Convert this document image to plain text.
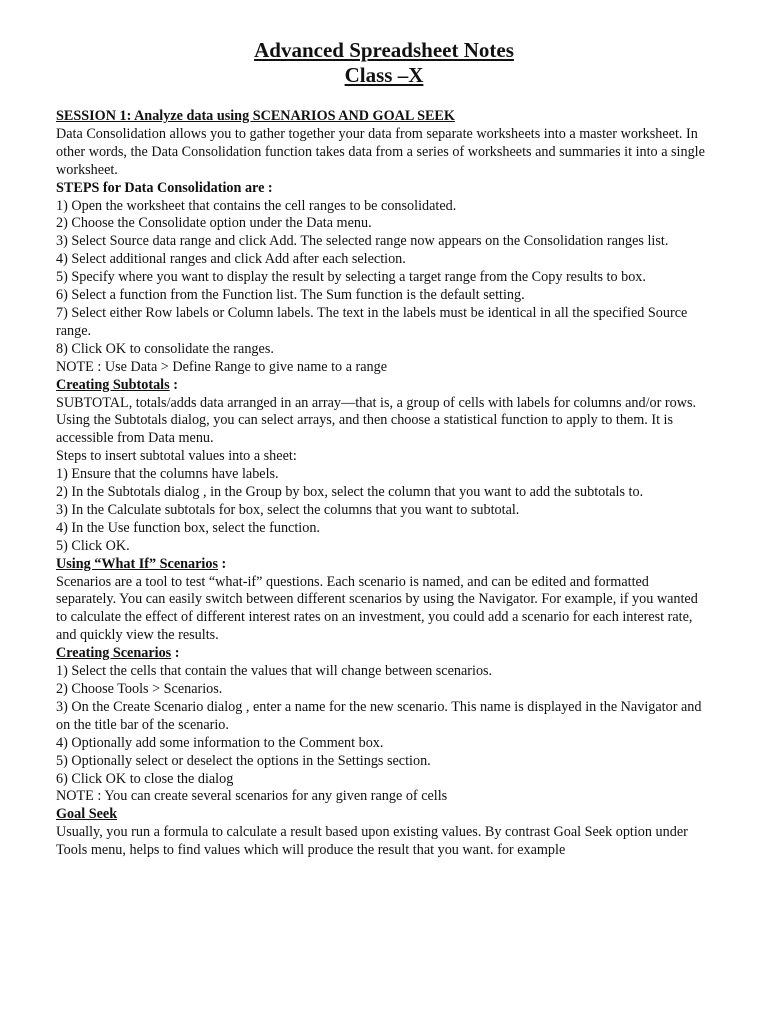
Advanced Spreadsheet Notes
Class –X

SESSION 1: Analyze data using SCENARIOS AND GOAL SEEK

Data Consolidation allows you to gather together your data from separate worksheets into a master worksheet. In other words, the Data Consolidation function takes data from a series of worksheets and summaries it into a single worksheet.

STEPS for Data Consolidation are :

1) Open the worksheet that contains the cell ranges to be consolidated.

2) Choose the Consolidate option under the Data menu.

3) Select Source data range and click Add. The selected range now appears on the Consolidation ranges list.

4) Select additional ranges and click Add after each selection.

5) Specify where you want to display the result by selecting a target range from the Copy results to box.

6) Select a function from the Function list. The Sum function is the default setting.

7) Select either Row labels or Column labels. The text in the labels must be identical in all the specified Source range.

8) Click OK to consolidate the ranges.

NOTE : Use Data > Define Range to give name to a range

Creating Subtotals :

SUBTOTAL, totals/adds data arranged in an array—that is, a group of cells with labels for columns and/or rows. Using the Subtotals dialog, you can select arrays, and then choose a statistical function to apply to them. It is accessible from Data menu.

Steps to insert subtotal values into a sheet:

1) Ensure that the columns have labels.

2) In the Subtotals dialog , in the Group by box, select the column that you want to add the subtotals to.

3) In the Calculate subtotals for box, select the columns that you want to subtotal.

4) In the Use function box, select the function.

5) Click OK.

Using “What If” Scenarios :

Scenarios are a tool to test “what-if” questions. Each scenario is named, and can be edited and formatted separately. You can easily switch between different scenarios by using the Navigator. For example, if you wanted to calculate the effect of different interest rates on an investment, you could add a scenario for each interest rate, and quickly view the results.

Creating Scenarios :

1) Select the cells that contain the values that will change between scenarios.

2) Choose Tools > Scenarios.

3) On the Create Scenario dialog , enter a name for the new scenario. This name is displayed in the Navigator and on the title bar of the scenario.

4) Optionally add some information to the Comment box.

5) Optionally select or deselect the options in the Settings section.

6) Click OK to close the dialog

NOTE : You can create several scenarios for any given range of cells

Goal Seek

Usually, you run a formula to calculate a result based upon existing values. By contrast Goal Seek option under Tools menu, helps to find values which will produce the result that you want. for example
